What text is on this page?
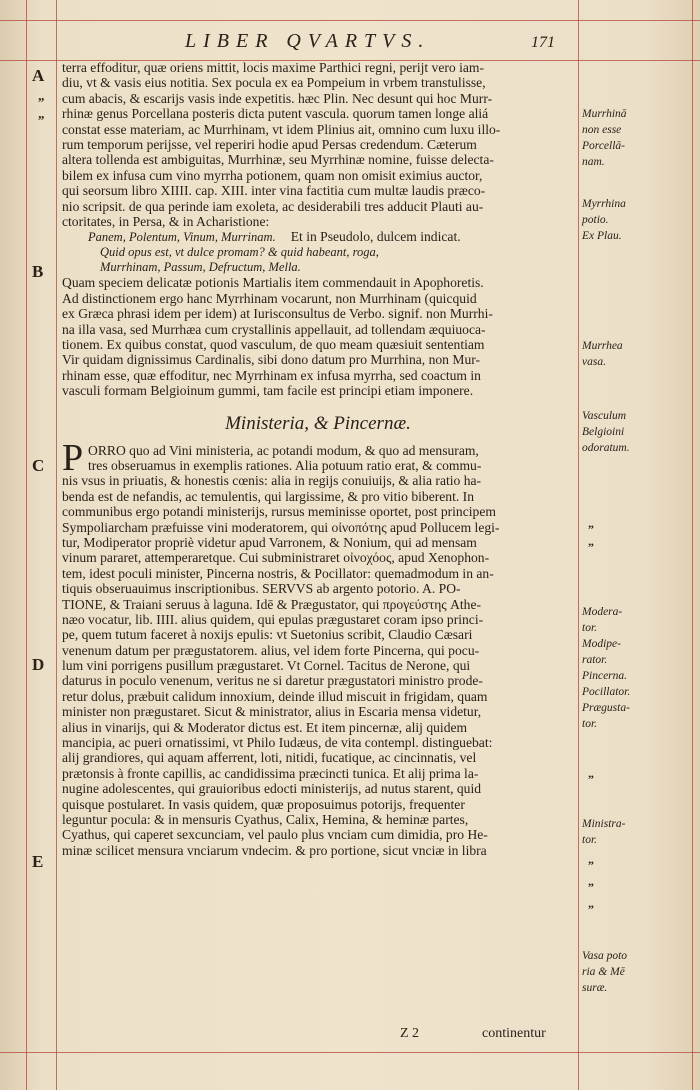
LIBER QVARTVS.	171
A
„
„
B
C
D
E
terra effoditur, quæ oriens mittit, locis maxime Parthici regni, perijt vero iam-
diu, vt & vasis eius notitia. Sex pocula ex ea Pompeium in vrbem transtulisse,
cum abacis, & escarijs vasis inde expetitis. hæc Plin. Nec desunt qui hoc Murr-
rhinæ genus Porcellana posteris dicta putent vascula. quorum tamen longe aliá
constat esse materiam, ac Murrhinam, vt idem Plinius ait, omnino cum luxu illo-
rum temporum perijsse, vel reperiri hodie apud Persas credendum. Cæterum
altera tollenda est ambiguitas, Murrhinæ, seu Myrrhinæ nomine, fuisse delecta-
bilem ex infusa cum vino myrrha potionem, quam non omisit eximius auctor,
qui seorsum libro XIIII. cap. XIII. inter vina factitia cum multæ laudis præco-
nio scripsit. de qua perinde iam exoleta, ac desiderabili tres adducit Plauti au-
ctoritates, in Persa, & in Acharistione:
Panem, Polentum, Vinum, Murrinam. Et in Pseudolo, dulcem indicat.
Quid opus est, vt dulce promam? & quid habeant, roga,
Murrhinam, Passum, Defructum, Mella.
Quam speciem delicatæ potionis Martialis item commendauit in Apophoretis.
Ad distinctionem ergo hanc Myrrhinam vocarunt, non Murrhinam (quicquid
ex Græca phrasi idem per idem) at Iurisconsultus de Verbo. signif. non Murrhi-
na illa vasa, sed Murrhæa cum crystallinis appellauit, ad tollendam æquiuoca-
tionem. Ex quibus constat, quod vasculum, de quo meam quæsiuit sententiam
Vir quidam dignissimus Cardinalis, sibi dono datum pro Murrhina, non Mur-
rhinam esse, quæ effoditur, nec Myrrhinam ex infusa myrrha, sed coactum in
vasculi formam Belgioinum gummi, tam facile est principi etiam imponere.
Ministeria, & Pincernæ.
P ORRO quo ad Vini ministeria, ac potandi modum, & quo ad mensuram,
tres obseruamus in exemplis rationes. Alia potuum ratio erat, & commu-
nis vsus in priuatis, & honestis cœnis: alia in regijs conuiuijs, & alia ratio ha-
benda est de nefandis, ac temulentis, qui largissime, & pro vitio biberent. In
communibus ergo potandi ministerijs, rursus meminisse oportet, post principem
Sympoliarcham præfuisse vini moderatorem, qui οἰνοπότης apud Pollucem legi-
tur, Modiperator propriè videtur apud Varronem, & Nonium, qui ad mensam
vinum pararet, attemperaretque. Cui subministraret οἰνοχόος, apud Xenophon-
tem, idest poculi minister, Pincerna nostris, & Pocillator: quemadmodum in an-
tiquis obseruauimus inscriptionibus. SERVVS ab argento potorio. A. PO-
TIONE, & Traiani seruus à laguna. Idē & Prægustator, qui προγεύστης Athe-
næo vocatur, lib. IIII. alius quidem, qui epulas prægustaret coram ipso princi-
pe, quem tutum faceret à noxijs epulis: vt Suetonius scribit, Claudio Cæsari
venenum datum per prægustatorem. alius, vel idem forte Pincerna, qui pocu-
lum vini porrigens pusillum prægustaret. Vt Cornel. Tacitus de Nerone, qui
daturus in poculo venenum, veritus ne si daretur prægustatori ministro prode-
retur dolus, præbuit calidum innoxium, deinde illud miscuit in frigidam, quam
minister non prægustaret. Sicut & ministrator, alius in Escaria mensa videtur,
alius in vinarijs, qui & Moderator dictus est. Et item pincernæ, alij quidem
mancipia, ac pueri ornatissimi, vt Philo Iudæus, de vita contempl. distinguebat:
alij grandiores, qui aquam afferrent, loti, nitidi, fucatique, ac cincinnatis, vel
prætonsis à fronte capillis, ac candidissima præcincti tunica. Et alij prima la-
nugine adolescentes, qui grauioribus edocti ministerijs, ad nutus starent, quid
quisque postularet. In vasis quidem, quæ proposuimus potorijs, frequenter
leguntur pocula: & in mensuris Cyathus, Calix, Hemina, & heminæ partes,
Cyathus, qui caperet sexcunciam, vel paulo plus vnciam cum dimidia, pro He-
minæ scilicet mensura vnciarum vndecim. & pro portione, sicut vnciæ in libra
Murrhinā
non esse
Porcellā-
nam.
Myrrhina
potio.
Ex Plau.
Murrhea
vasa.
Vasculum
Belgioini
odoratum.
„
„
Modera-
tor.
Modipe-
rator.
Pincerna.
Pocillator.
Prægusta-
tor.
„
Ministra-
tor.
„
„
„
Vasa poto
ria & Mē
suræ.
Z 2	continentur
